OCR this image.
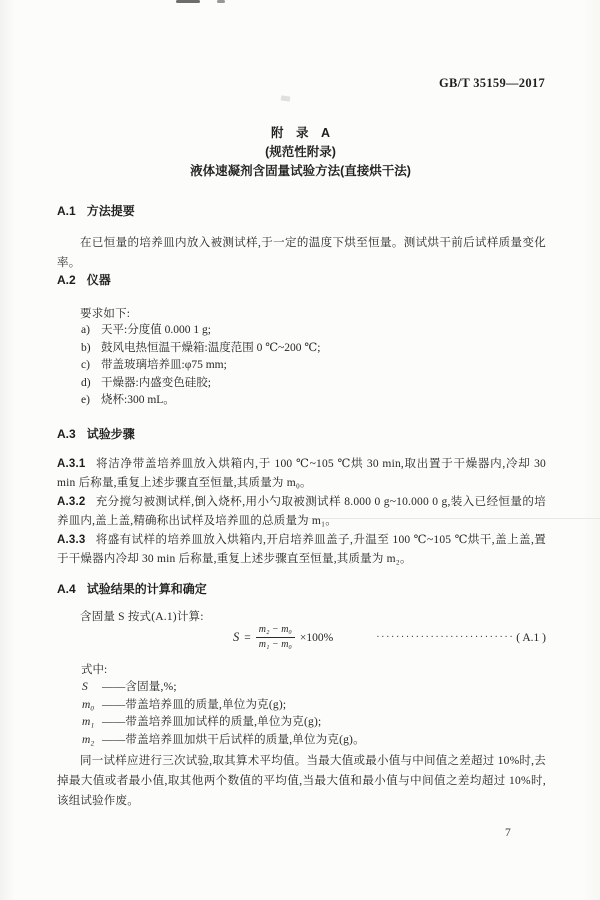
GB/T 35159—2017
附　录　A
(规范性附录)
液体速凝剂含固量试验方法(直接烘干法)
A.1 方法提要
在已恒量的培养皿内放入被测试样,于一定的温度下烘至恒量。测试烘干前后试样质量变化率。
A.2 仪器
要求如下:
a) 天平:分度值 0.000 1 g;
b) 鼓风电热恒温干燥箱:温度范围 0 ℃~200 ℃;
c) 带盖玻璃培养皿:φ75 mm;
d) 干燥器:内盛变色硅胶;
e) 烧杯:300 mL。
A.3 试验步骤

A.3.1 将洁净带盖培养皿放入烘箱内,于 100 ℃~105 ℃烘 30 min,取出置于干燥器内,冷却 30 min 后称量,重复上述步骤直至恒量,其质量为 m₀。

A.3.2 充分搅匀被测试样,倒入烧杯,用小勺取被测试样 8.000 0 g~10.000 0 g,装入已经恒量的培养皿内,盖上盖,精确称出试样及培养皿的总质量为 m₁。

A.3.3 将盛有试样的培养皿放入烘箱内,开启培养皿盖子,升温至 100 ℃~105 ℃烘干,盖上盖,置于干燥器内冷却 30 min 后称量,重复上述步骤直至恒量,其质量为 m₂。

A.4 试验结果的计算和确定
含固量 S 按式(A.1)计算:
$S = \frac{\text{m₂ − m₀}}{\text{m₁ − m₀}} \times 100\%$	···························· ( A.1 )
式中:
S ——含固量,%;
m₀ ——带盖培养皿的质量,单位为克(g);
m₁ ——带盖培养皿加试样的质量,单位为克(g);
m₂ ——带盖培养皿加烘干后试样的质量,单位为克(g)。
同一试样应进行三次试验,取其算术平均值。当最大值或最小值与中间值之差超过 10%时,去掉最大值或者最小值,取其他两个数值的平均值,当最大值和最小值与中间值之差均超过 10%时,该组试验作废。
7
